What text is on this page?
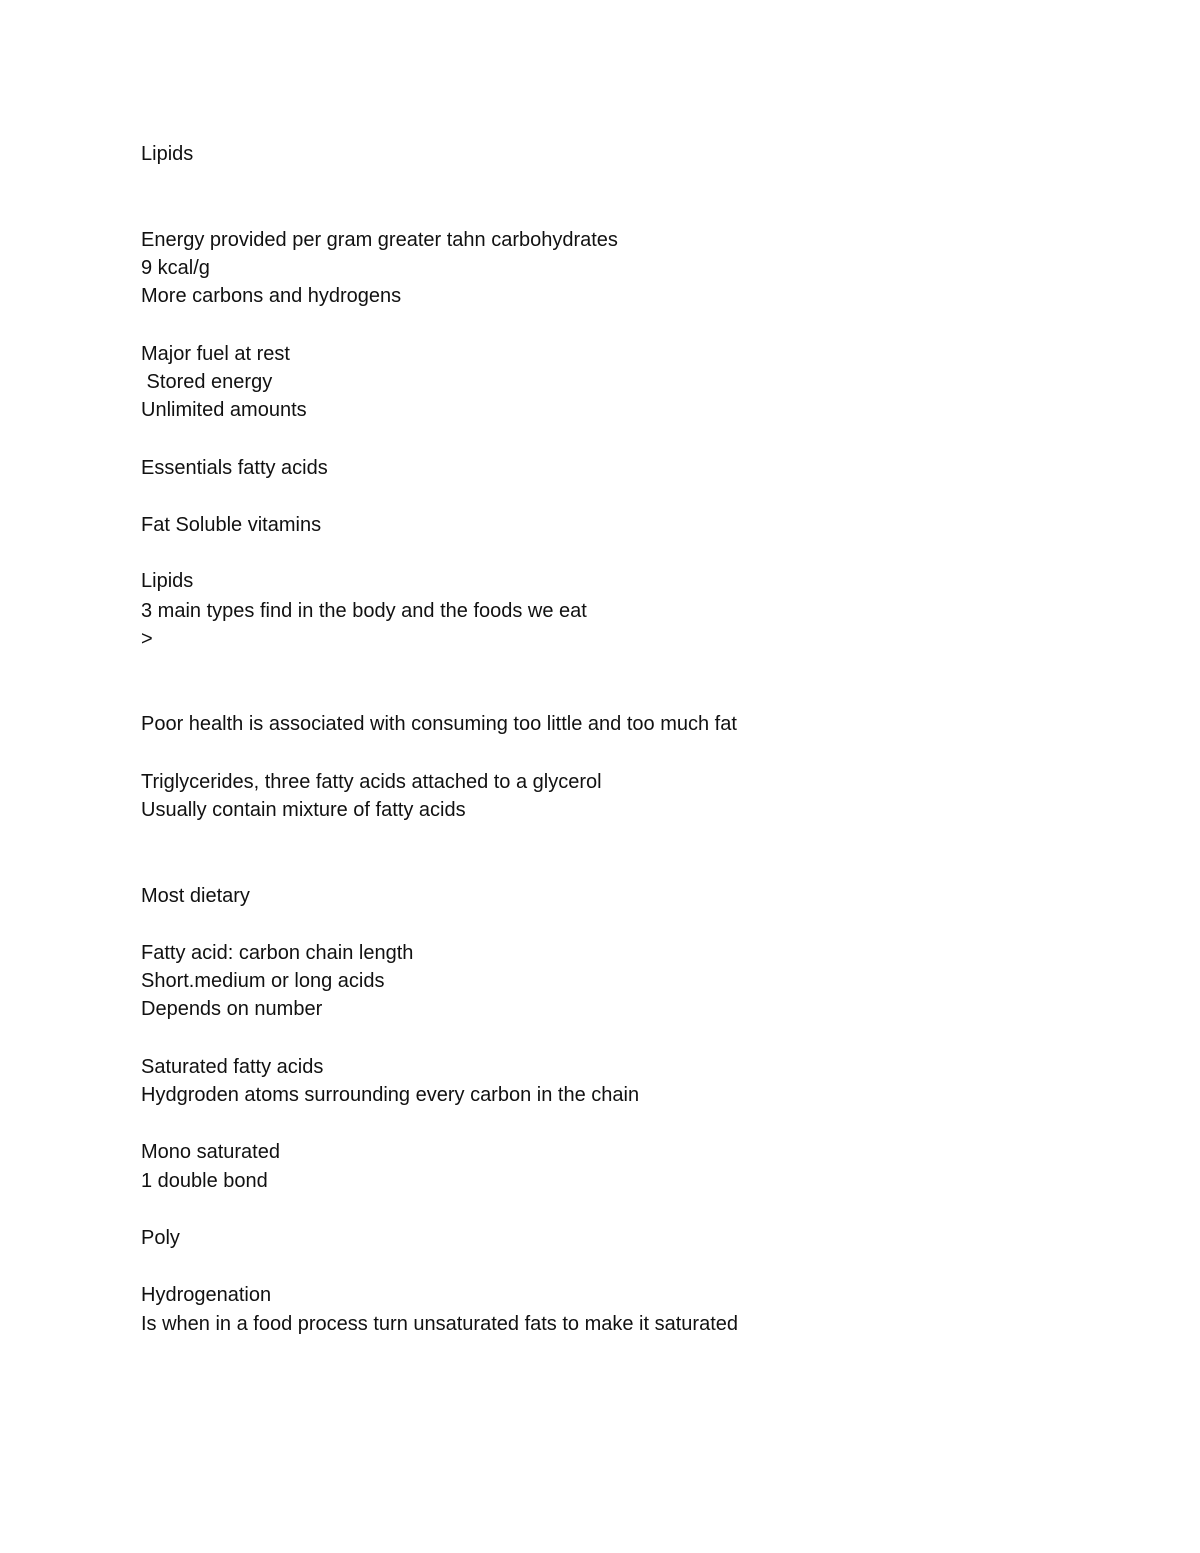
Lipids
Energy provided per gram greater tahn carbohydrates
9 kcal/g
More carbons and hydrogens
Major fuel at rest
Stored energy
Unlimited amounts
Essentials fatty acids
Fat Soluble vitamins
Lipids
3 main types find in the body and the foods we eat
>
Poor health is associated with consuming too little and too much fat
Triglycerides, three fatty acids attached to a glycerol
Usually contain mixture of fatty acids
Most dietary
Fatty acid: carbon chain length
Short.medium or long acids
Depends on number
Saturated fatty acids
Hydgroden atoms surrounding every carbon in the chain
Mono saturated
1 double bond
Poly
Hydrogenation
Is when in a food process turn unsaturated fats to make it saturated
